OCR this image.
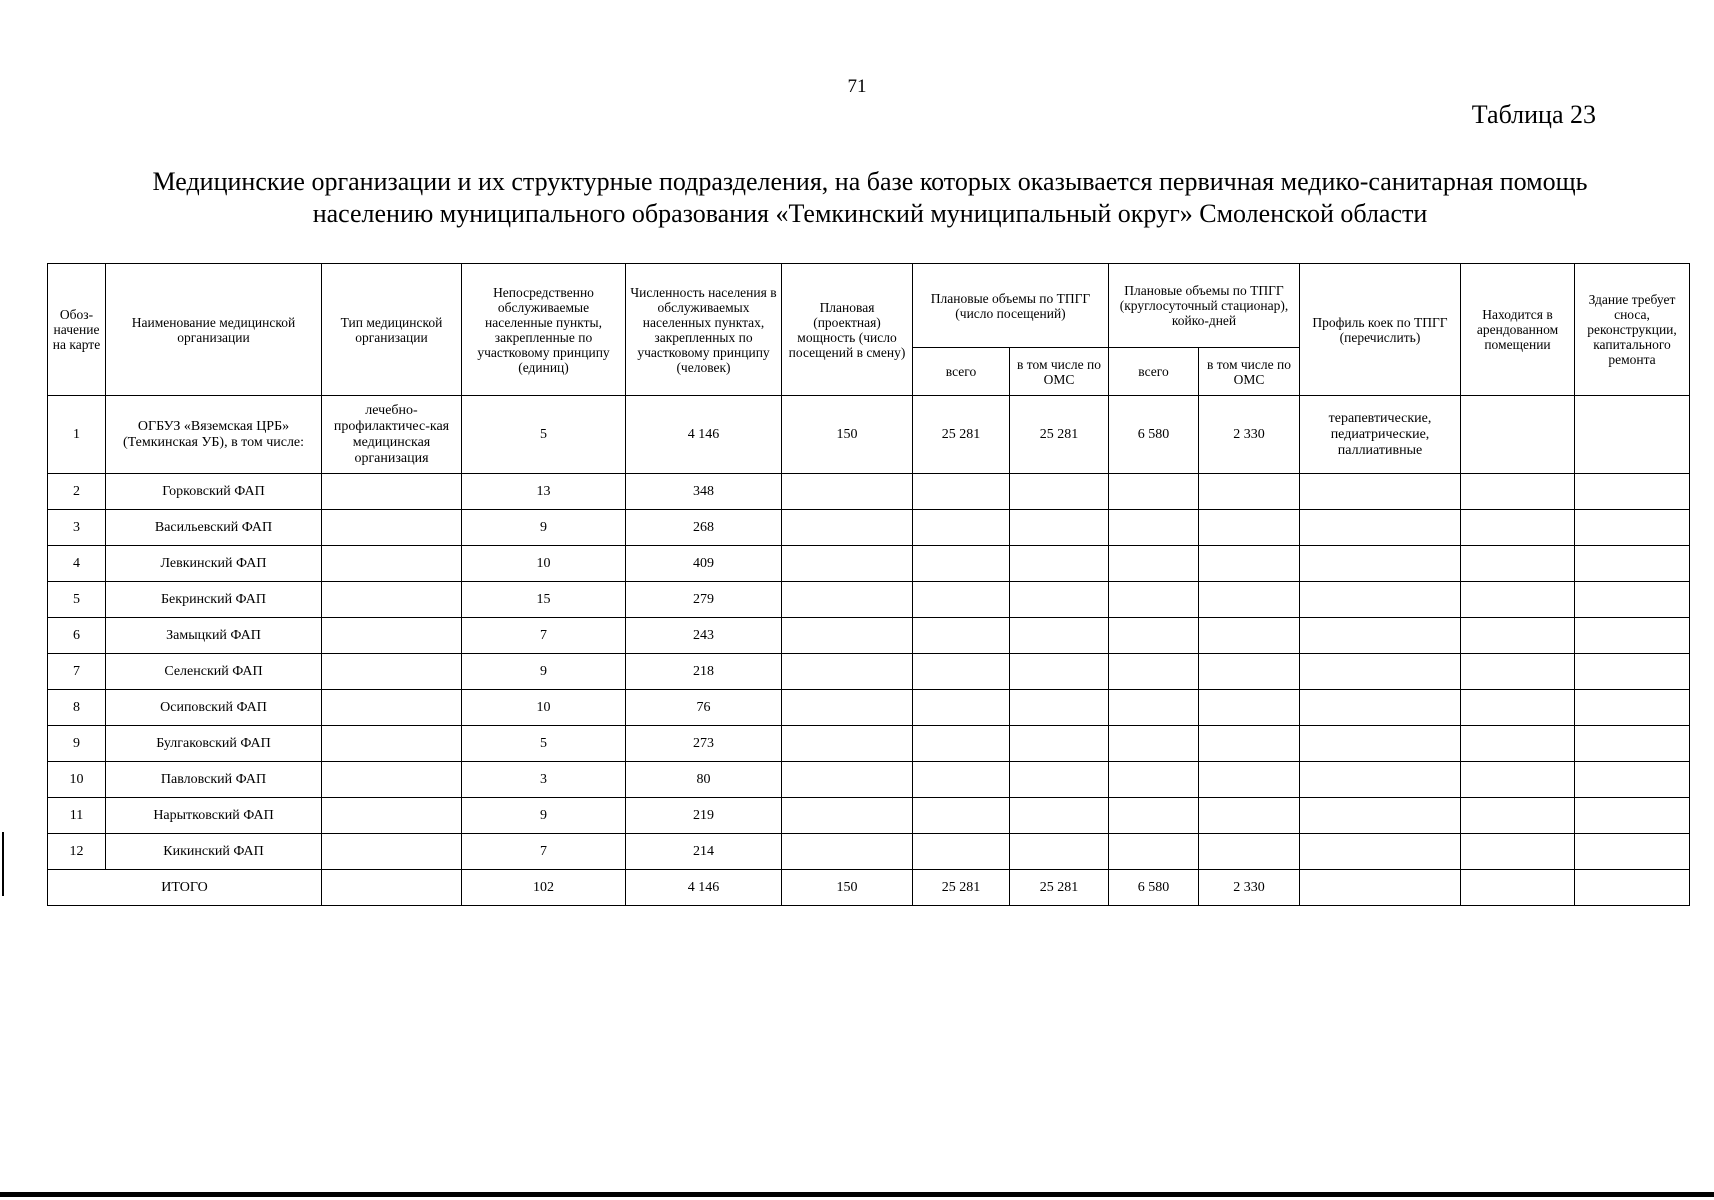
71
Таблица 23
Медицинские организации и их структурные подразделения, на базе которых оказывается первичная медико-санитарная помощь
населению муниципального образования «Темкинский муниципальный округ» Смоленской области
Обоз-начение на карте	Наименование медицинской организации	Тип медицинской организации	Непосредственно обслуживаемые населенные пункты, закрепленные по участковому принципу (единиц)	Численность населения в обслуживаемых населенных пунктах, закрепленных по участковому принципу (человек)	Плановая (проектная) мощность (число посещений в смену)	Плановые объемы по ТПГГ (число посещений)		Плановые объемы по ТПГГ (круглосуточный стационар), койко-дней		Профиль коек по ТПГГ (перечислить)	Находится в арендованном помещении	Здание требует сноса, реконструкции, капитального ремонта
						всего	в том числе по ОМС	всего	в том числе по ОМС			
1	ОГБУЗ «Вяземская ЦРБ» (Темкинская УБ), в том числе:	лечебно-профилактичес-кая медицинская организация	5	4 146	150	25 281	25 281	6 580	2 330	терапевтические, педиатрические, паллиативные		
2	Горковский ФАП		13	348								
3	Васильевский ФАП		9	268								
4	Левкинский ФАП		10	409								
5	Бекринский ФАП		15	279								
6	Замыцкий ФАП		7	243								
7	Селенский ФАП		9	218								
8	Осиповский ФАП		10	76								
9	Булгаковский ФАП		5	273								
10	Павловский ФАП		3	80								
11	Нарытковский ФАП		9	219								
12	Кикинский ФАП		7	214								
ИТОГО			102	4 146	150	25 281	25 281	6 580	2 330			
